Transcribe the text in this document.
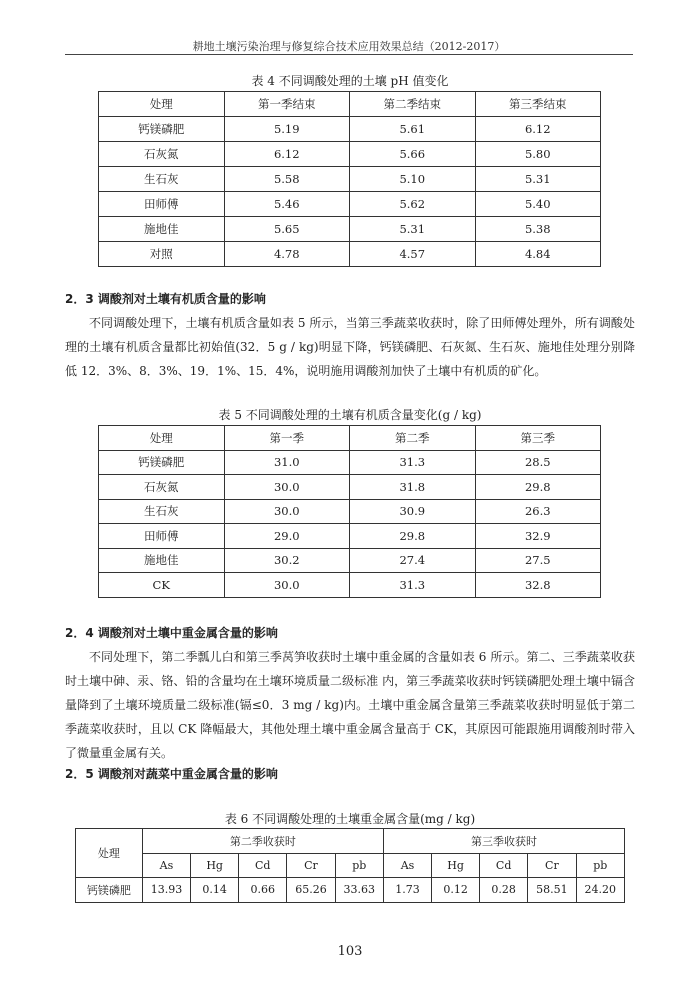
耕地土壤污染治理与修复综合技术应用效果总结（2012-2017）
表 4 不同调酸处理的土壤 pH 值变化
处理	第一季结束	第二季结束	第三季结束
钙镁磷肥	5.19	5.61	6.12
石灰氮	6.12	5.66	5.80
生石灰	5.58	5.10	5.31
田师傅	5.46	5.62	5.40
施地佳	5.65	5.31	5.38
对照	4.78	4.57	4.84
2．3 调酸剂对土壤有机质含量的影响
不同调酸处理下，土壤有机质含量如表 5 所示，当第三季蔬菜收获时，除了田师傅处理外，所有调酸处理的土壤有机质含量都比初始值(32．5 g / kg)明显下降，钙镁磷肥、石灰氮、生石灰、施地佳处理分别降低 12．3%、8．3%、19．1%、15．4%，说明施用调酸剂加快了土壤中有机质的矿化。
表 5 不同调酸处理的土壤有机质含量变化(g / kg)
处理	第一季	第二季	第三季
钙镁磷肥	31.0	31.3	28.5
石灰氮	30.0	31.8	29.8
生石灰	30.0	30.9	26.3
田师傅	29.0	29.8	32.9
施地佳	30.2	27.4	27.5
CK	30.0	31.3	32.8
2．4 调酸剂对土壤中重金属含量的影响
不同处理下，第二季瓢儿白和第三季莴笋收获时土壤中重金属的含量如表 6 所示。第二、三季蔬菜收获时土壤中砷、汞、铬、铅的含量均在土壤环境质量二级标准 内，第三季蔬菜收获时钙镁磷肥处理土壤中镉含量降到了土壤环境质量二级标准(镉≤0．3 mg / kg)内。土壤中重金属含量第三季蔬菜收获时明显低于第二季蔬菜收获时，且以 CK 降幅最大，其他处理土壤中重金属含量高于 CK，其原因可能跟施用调酸剂时带入了微量重金属有关。
2．5 调酸剂对蔬菜中重金属含量的影响
表 6 不同调酸处理的土壤重金属含量(mg / kg)
处理	第二季收获时					第三季收获时				
	As	Hg	Cd	Cr	pb	As	Hg	Cd	Cr	pb
钙镁磷肥	13.93	0.14	0.66	65.26	33.63	1.73	0.12	0.28	58.51	24.20
103
